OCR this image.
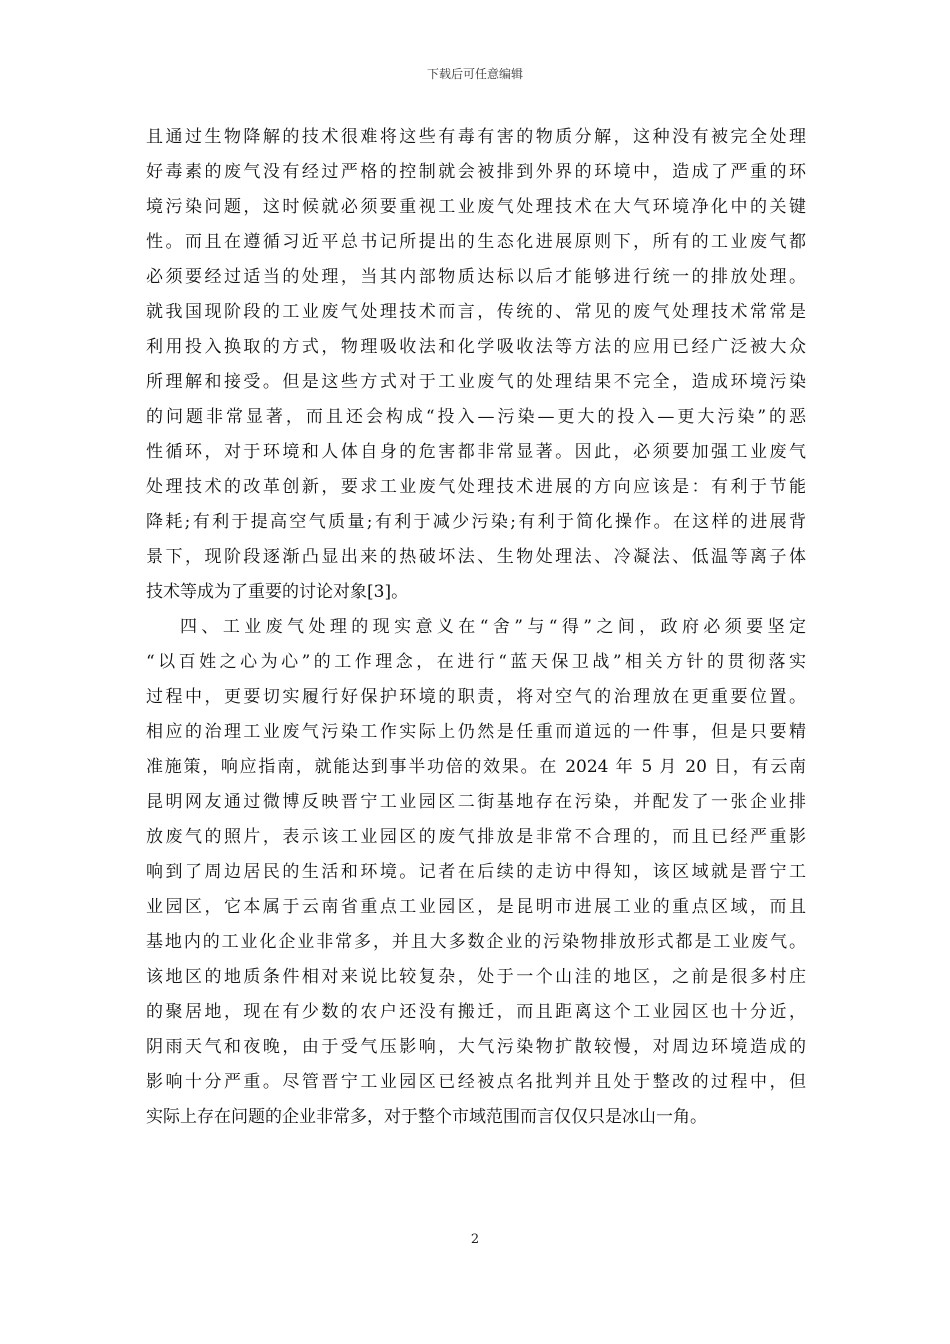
下载后可任意编辑
且通过生物降解的技术很难将这些有毒有害的物质分解，这种没有被完全处理
好毒素的废气没有经过严格的控制就会被排到外界的环境中，造成了严重的环
境污染问题，这时候就必须要重视工业废气处理技术在大气环境净化中的关键
性。而且在遵循习近平总书记所提出的生态化进展原则下，所有的工业废气都
必须要经过适当的处理，当其内部物质达标以后才能够进行统一的排放处理。
就我国现阶段的工业废气处理技术而言，传统的、常见的废气处理技术常常是
利用投入换取的方式，物理吸收法和化学吸收法等方法的应用已经广泛被大众
所理解和接受。但是这些方式对于工业废气的处理结果不完全，造成环境污染
的问题非常显著，而且还会构成“投入—污染—更大的投入—更大污染”的恶
性循环，对于环境和人体自身的危害都非常显著。因此，必须要加强工业废气
处理技术的改革创新，要求工业废气处理技术进展的方向应该是：有利于节能
降耗;有利于提高空气质量;有利于减少污染;有利于简化操作。在这样的进展背
景下，现阶段逐渐凸显出来的热破坏法、生物处理法、冷凝法、低温等离子体
技术等成为了重要的讨论对象[3]。
四、工业废气处理的现实意义在“舍”与“得”之间，政府必须要坚定
“以百姓之心为心”的工作理念，在进行“蓝天保卫战”相关方针的贯彻落实
过程中，更要切实履行好保护环境的职责，将对空气的治理放在更重要位置。
相应的治理工业废气污染工作实际上仍然是任重而道远的一件事，但是只要精
准施策，响应指南，就能达到事半功倍的效果。在 2024 年 5 月 20 日，有云南
昆明网友通过微博反映晋宁工业园区二街基地存在污染，并配发了一张企业排
放废气的照片，表示该工业园区的废气排放是非常不合理的，而且已经严重影
响到了周边居民的生活和环境。记者在后续的走访中得知，该区域就是晋宁工
业园区，它本属于云南省重点工业园区，是昆明市进展工业的重点区域，而且
基地内的工业化企业非常多，并且大多数企业的污染物排放形式都是工业废气。
该地区的地质条件相对来说比较复杂，处于一个山洼的地区，之前是很多村庄
的聚居地，现在有少数的农户还没有搬迁，而且距离这个工业园区也十分近，
阴雨天气和夜晚，由于受气压影响，大气污染物扩散较慢，对周边环境造成的
影响十分严重。尽管晋宁工业园区已经被点名批判并且处于整改的过程中，但
实际上存在问题的企业非常多，对于整个市域范围而言仅仅只是冰山一角。
2
